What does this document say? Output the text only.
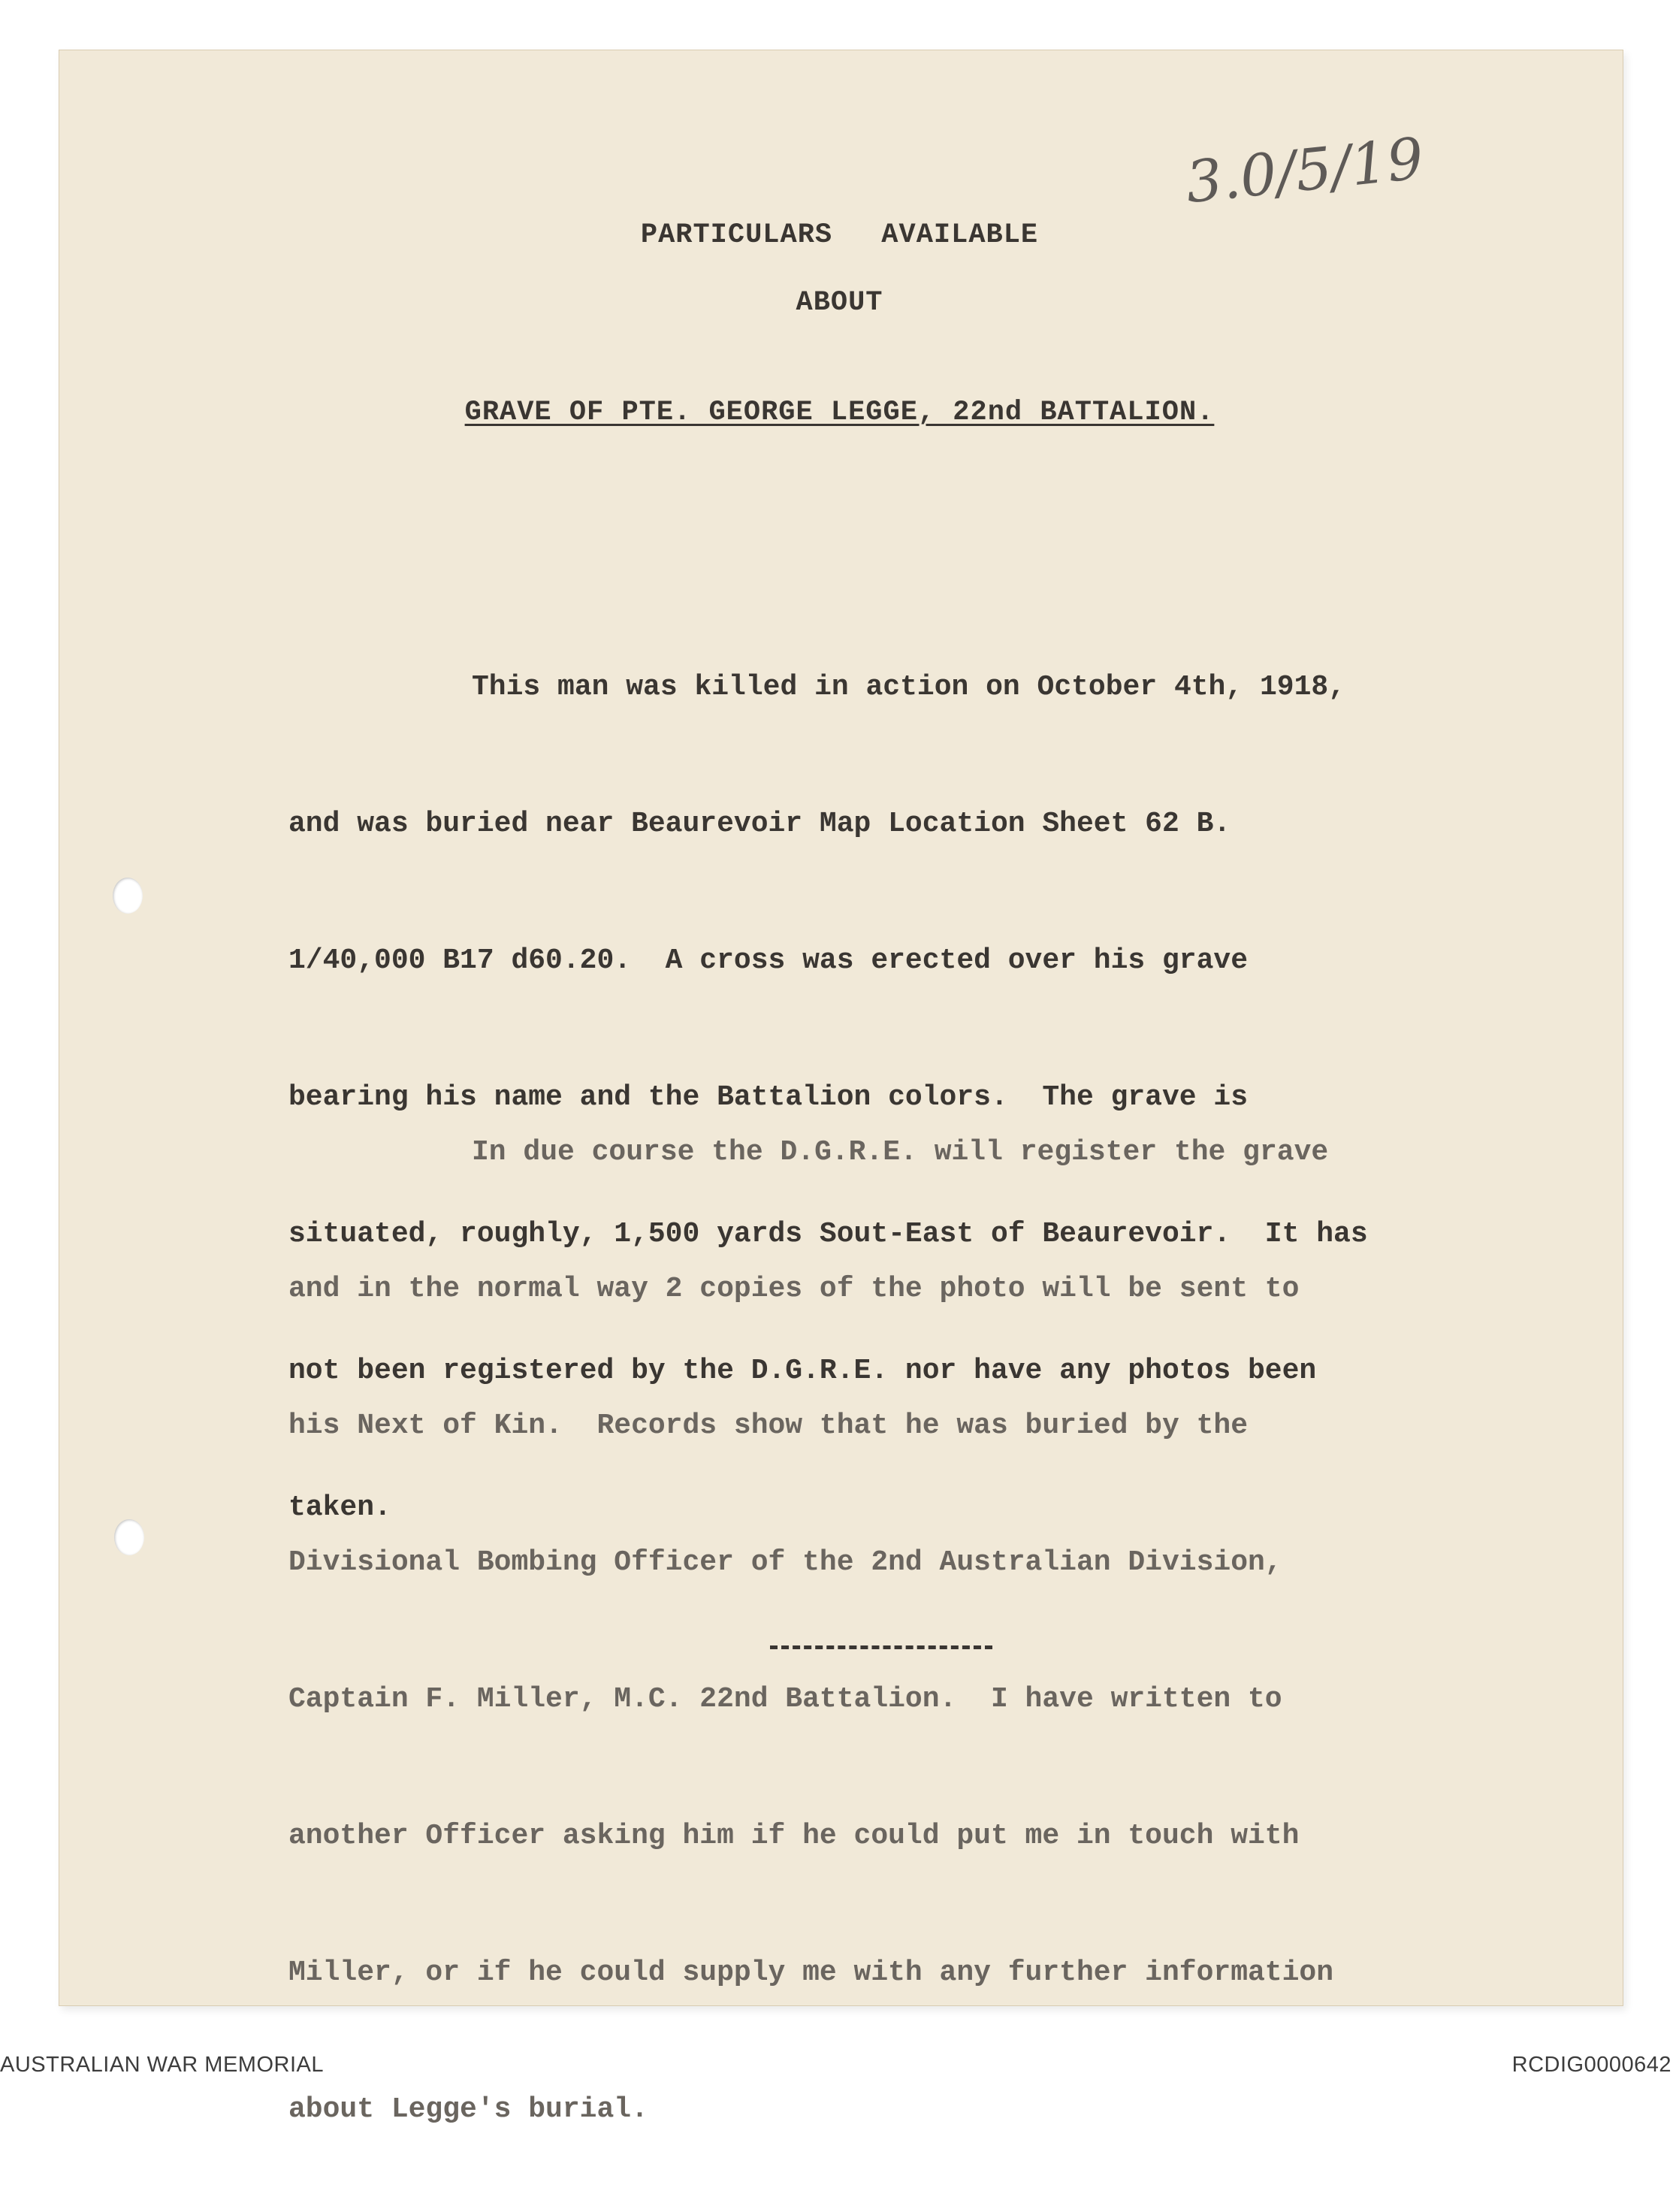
3.0/5/19
PARTICULARS AVAILABLE
ABOUT
GRAVE OF PTE. GEORGE LEGGE, 22nd BATTALION.

This man was killed in action on October 4th, 1918,

and was buried near Beaurevoir Map Location Sheet 62 B.

1/40,000 B17 d60.20.  A cross was erected over his grave

bearing his name and the Battalion colors.  The grave is

situated, roughly, 1,500 yards Sout-East of Beaurevoir.  It has

not been registered by the D.G.R.E. nor have any photos been

taken.

In due course the D.G.R.E. will register the grave

and in the normal way 2 copies of the photo will be sent to

his Next of Kin.  Records show that he was buried by the

Divisional Bombing Officer of the 2nd Australian Division,

Captain F. Miller, M.C. 22nd Battalion.  I have written to

another Officer asking him if he could put me in touch with

Miller, or if he could supply me with any further information

about Legge's burial.

AUSTRALIAN WAR MEMORIAL	RCDIG0000642
